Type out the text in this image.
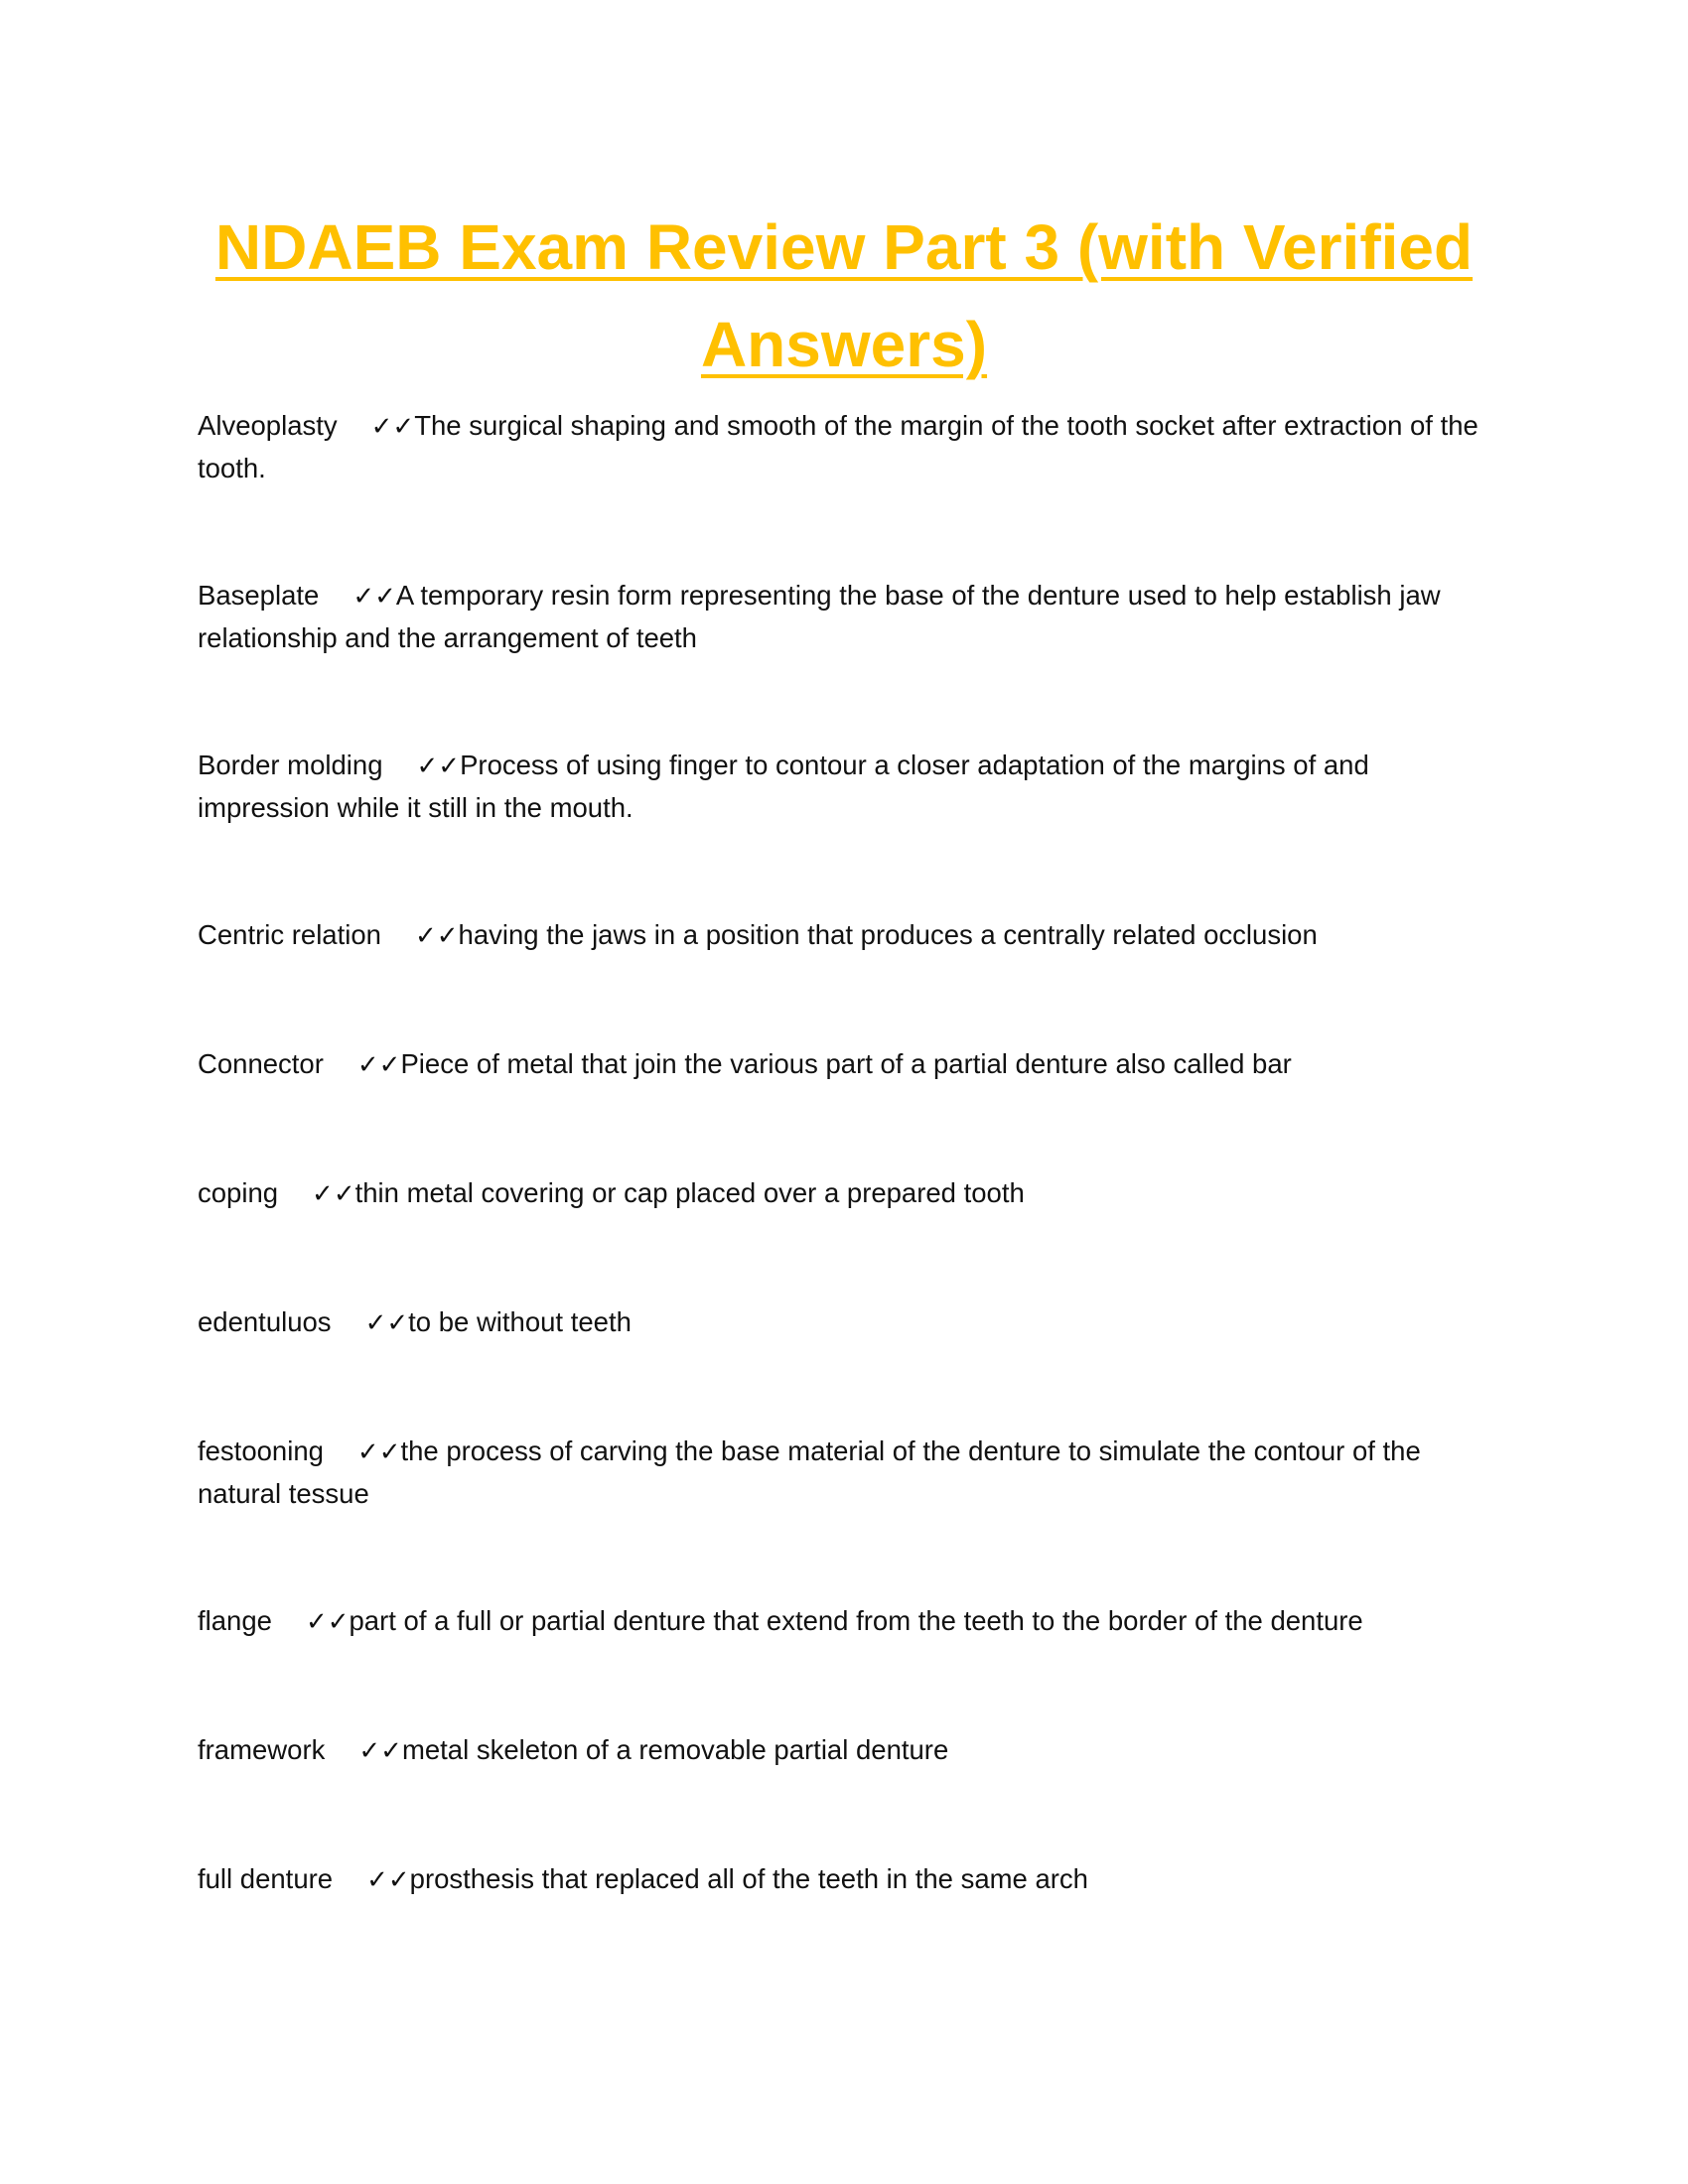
NDAEB Exam Review Part 3 (with Verified Answers)

Alveoplasty ✓✓The surgical shaping and smooth of the margin of the tooth socket after extraction of the tooth.

Baseplate ✓✓A temporary resin form representing the base of the denture used to help establish jaw relationship and the arrangement of teeth

Border molding ✓✓Process of using finger to contour a closer adaptation of the margins of and impression while it still in the mouth.

Centric relation ✓✓having the jaws in a position that produces a centrally related occlusion

Connector ✓✓Piece of metal that join the various part of a partial denture also called bar

coping ✓✓thin metal covering or cap placed over a prepared tooth

edentuluos ✓✓to be without teeth

festooning ✓✓the process of carving the base material of the denture to simulate the contour of the natural tessue

flange ✓✓part of a full or partial denture that extend from the teeth to the border of the denture

framework ✓✓metal skeleton of a removable partial denture

full denture ✓✓prosthesis that replaced all of the teeth in the same arch
